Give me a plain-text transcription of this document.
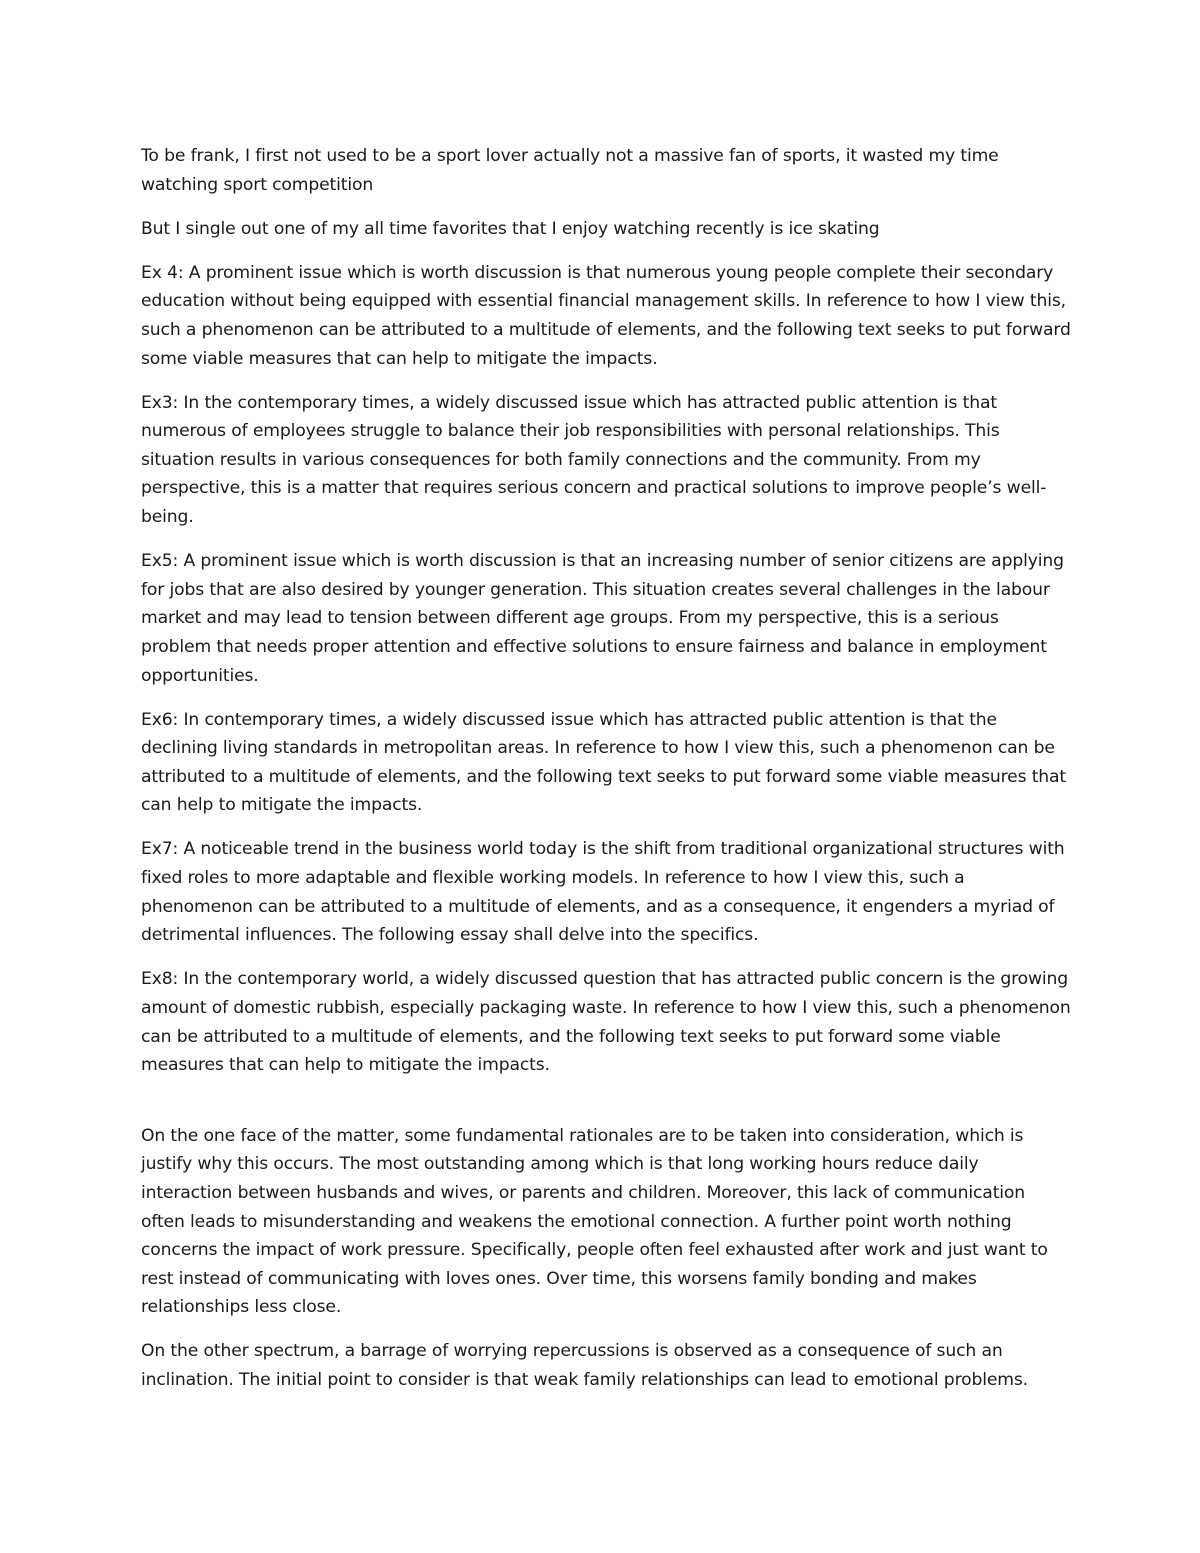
To be frank, I first not used to be a sport lover actually not a massive fan of sports, it wasted my time watching sport competition

But I single out one of my all time favorites that I enjoy watching recently is ice skating

Ex 4: A prominent issue which is worth discussion is that numerous young people complete their secondary education without being equipped with essential financial management skills. In reference to how I view this, such a phenomenon can be attributed to a multitude of elements, and the following text seeks to put forward some viable measures that can help to mitigate the impacts.

Ex3: In the contemporary times, a widely discussed issue which has attracted public attention is that numerous of employees struggle to balance their job responsibilities with personal relationships. This situation results in various consequences for both family connections and the community. From my perspective, this is a matter that requires serious concern and practical solutions to improve people’s well-being.

Ex5: A prominent issue which is worth discussion is that an increasing number of senior citizens are applying for jobs that are also desired by younger generation. This situation creates several challenges in the labour market and may lead to tension between different age groups. From my perspective, this is a serious problem that needs proper attention and effective solutions to ensure fairness and balance in employment opportunities.

Ex6: In contemporary times, a widely discussed issue which has attracted public attention is that the declining living standards in metropolitan areas. In reference to how I view this, such a phenomenon can be attributed to a multitude of elements, and the following text seeks to put forward some viable measures that can help to mitigate the impacts.

Ex7: A noticeable trend in the business world today is the shift from traditional organizational structures with fixed roles to more adaptable and flexible working models. In reference to how I view this, such a phenomenon can be attributed to a multitude of elements, and as a consequence, it engenders a myriad of detrimental influences. The following essay shall delve into the specifics.

Ex8: In the contemporary world, a widely discussed question that has attracted public concern is the growing amount of domestic rubbish, especially packaging waste. In reference to how I view this, such a phenomenon can be attributed to a multitude of elements, and the following text seeks to put forward some viable measures that can help to mitigate the impacts.

On the one face of the matter, some fundamental rationales are to be taken into consideration, which is justify why this occurs. The most outstanding among which is that long working hours reduce daily interaction between husbands and wives, or parents and children. Moreover, this lack of communication often leads to misunderstanding and weakens the emotional connection. A further point worth nothing concerns the impact of work pressure. Specifically, people often feel exhausted after work and just want to rest instead of communicating with loves ones. Over time, this worsens family bonding and makes relationships less close.

On the other spectrum, a barrage of worrying repercussions is observed as a consequence of such an inclination. The initial point to consider is that weak family relationships can lead to emotional problems.
